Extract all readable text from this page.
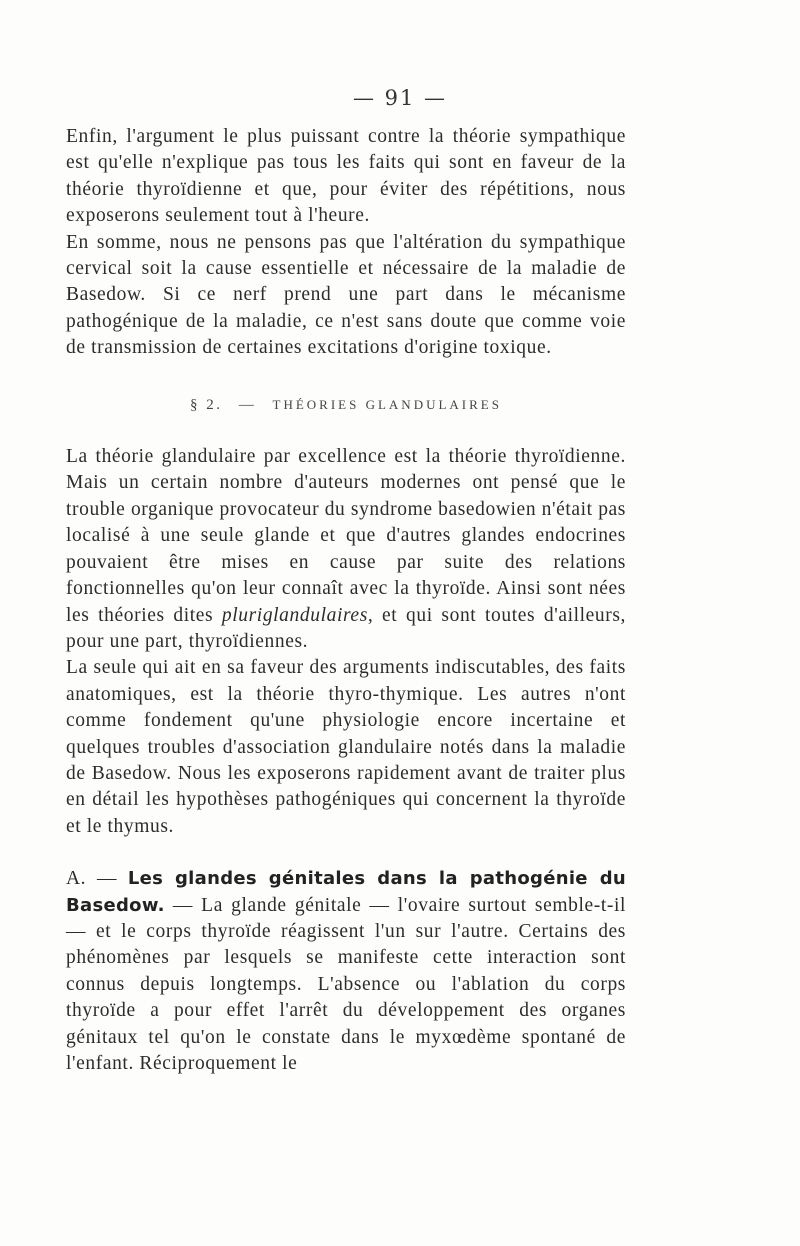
— 91 —

Enfin, l'argument le plus puissant contre la théorie sympathique est qu'elle n'explique pas tous les faits qui sont en faveur de la théorie thyroïdienne et que, pour éviter des répétitions, nous exposerons seulement tout à l'heure.

En somme, nous ne pensons pas que l'altération du sympathique cervical soit la cause essentielle et nécessaire de la maladie de Basedow. Si ce nerf prend une part dans le mécanisme pathogénique de la maladie, ce n'est sans doute que comme voie de transmission de certaines excitations d'origine toxique.

§ 2. — THÉORIES GLANDULAIRES

La théorie glandulaire par excellence est la théorie thyroïdienne. Mais un certain nombre d'auteurs modernes ont pensé que le trouble organique provocateur du syndrome basedowien n'était pas localisé à une seule glande et que d'autres glandes endocrines pouvaient être mises en cause par suite des relations fonctionnelles qu'on leur connaît avec la thyroïde. Ainsi sont nées les théories dites pluriglandulaires, et qui sont toutes d'ailleurs, pour une part, thyroïdiennes.

La seule qui ait en sa faveur des arguments indiscutables, des faits anatomiques, est la théorie thyro-thymique. Les autres n'ont comme fondement qu'une physiologie encore incertaine et quelques troubles d'association glandulaire notés dans la maladie de Basedow. Nous les exposerons rapidement avant de traiter plus en détail les hypothèses pathogéniques qui concernent la thyroïde et le thymus.

A. — Les glandes génitales dans la pathogénie du Basedow. — La glande génitale — l'ovaire surtout semble-t-il — et le corps thyroïde réagissent l'un sur l'autre. Certains des phénomènes par lesquels se manifeste cette interaction sont connus depuis longtemps. L'absence ou l'ablation du corps thyroïde a pour effet l'arrêt du développement des organes génitaux tel qu'on le constate dans le myxœdème spontané de l'enfant. Réciproquement le
